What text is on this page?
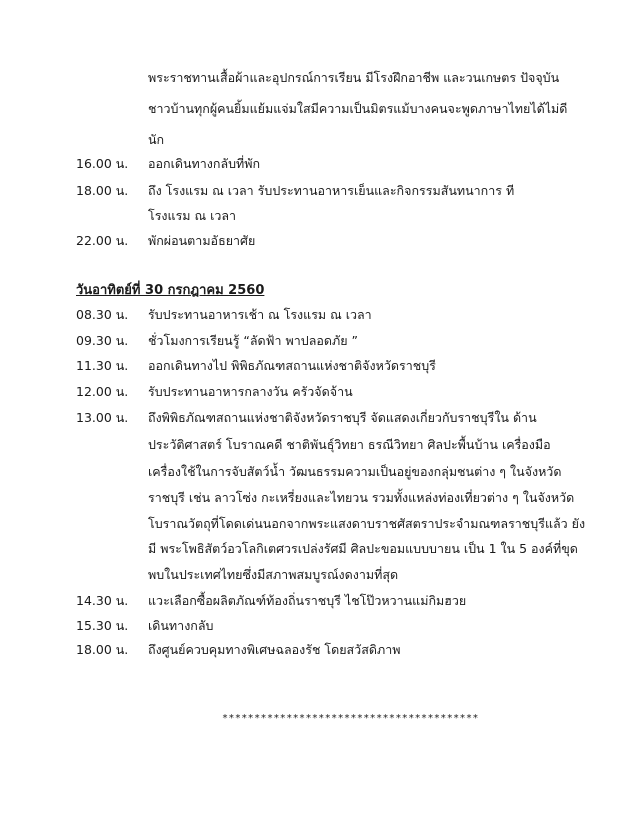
พระราชทานเสื้อผ้าและอุปกรณ์การเรียน มีโรงฝึกอาชีพ และวนเกษตร ปัจจุบัน
ชาวบ้านทุกผู้คนยิ้มแย้มแจ่มใสมีความเป็นมิตรแม้บางคนจะพูดภาษาไทยได้ไม่ดี
นัก
16.00 น. ออกเดินทางกลับที่พัก
18.00 น. ถึง โรงแรม ณ เวลา รับประทานอาหารเย็นและกิจกรรมสันทนาการ ที
โรงแรม ณ เวลา
22.00 น. พักผ่อนตามอัธยาศัย
วันอาทิตย์ที่ 30 กรกฎาคม 2560
08.30 น. รับประทานอาหารเช้า ณ โรงแรม ณ เวลา
09.30 น. ชั่วโมงการเรียนรู้ “ลัดฟ้า พาปลอดภัย ”
11.30 น. ออกเดินทางไป พิพิธภัณฑสถานแห่งชาติจังหวัดราชบุรี
12.00 น. รับประทานอาหารกลางวัน ครัวจัดจ้าน
13.00 น. ถึงพิพิธภัณฑสถานแห่งชาติจังหวัดราชบุรี จัดแสดงเกี่ยวกับราชบุรีใน ด้าน
ประวัติศาสตร์ โบราณคดี ชาติพันธุ์วิทยา ธรณีวิทยา ศิลปะพื้นบ้าน เครื่องมือ
เครื่องใช้ในการจับสัตว์น้ำ วัฒนธรรมความเป็นอยู่ของกลุ่มชนต่าง ๆ ในจังหวัด
ราชบุรี เช่น ลาวโซ่ง กะเหรี่ยงและไทยวน รวมทั้งแหล่งท่องเที่ยวต่าง ๆ ในจังหวัด
โบราณวัตถุที่โดดเด่นนอกจากพระแสงดาบราชศัสตราประจำมณฑลราชบุรีแล้ว ยัง
มี พระโพธิสัตว์อวโลกิเตศวรเปล่งรัศมี ศิลปะขอมแบบบายน เป็น 1 ใน 5 องค์ที่ขุด
พบในประเทศไทยซึ่งมีสภาพสมบูรณ์งดงามที่สุด
14.30 น. แวะเลือกซื้อผลิตภัณฑ์ท้องถิ่นราชบุรี ไชโป๊วหวานแม่กิมฮวย
15.30 น. เดินทางกลับ
18.00 น. ถึงศูนย์ควบคุมทางพิเศษฉลองรัช โดยสวัสดิภาพ
****************************************
